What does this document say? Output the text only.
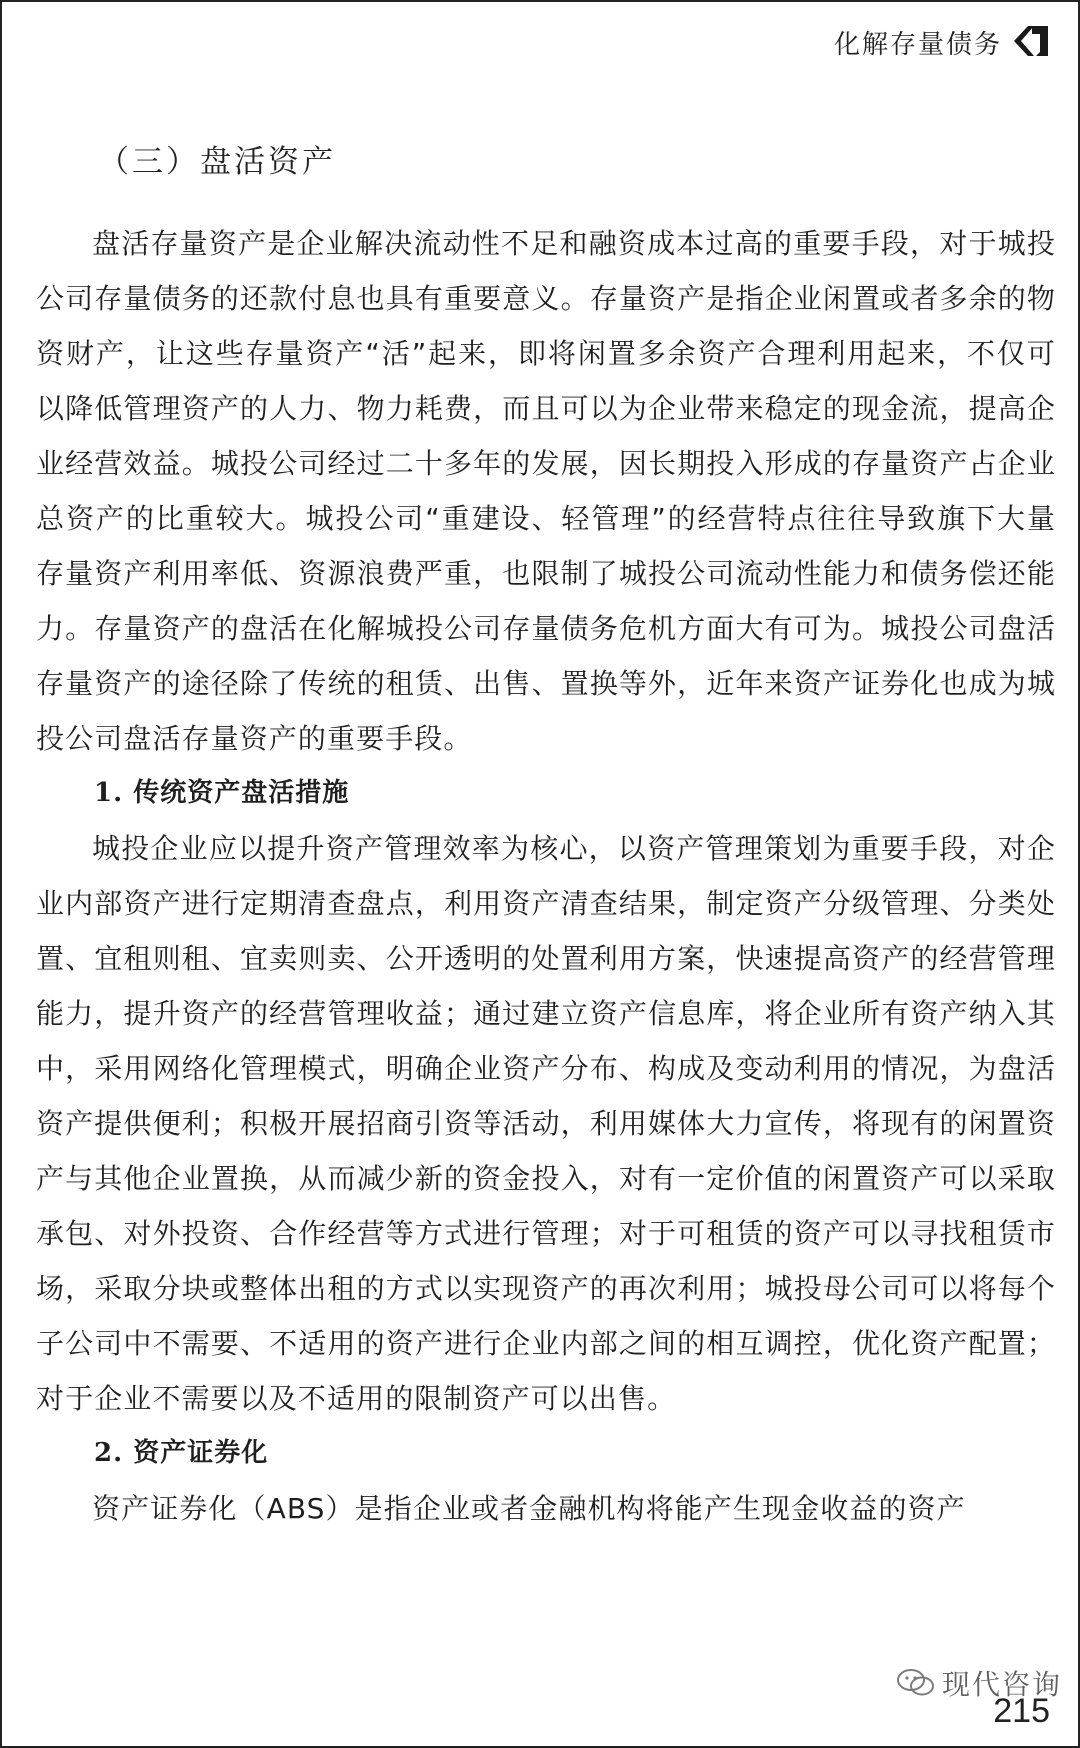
化解存量债务
（三）盘活资产

盘活存量资产是企业解决流动性不足和融资成本过高的重要手段，对于城投公司存量债务的还款付息也具有重要意义。存量资产是指企业闲置或者多余的物资财产，让这些存量资产“活”起来，即将闲置多余资产合理利用起来，不仅可以降低管理资产的人力、物力耗费，而且可以为企业带来稳定的现金流，提高企业经营效益。城投公司经过二十多年的发展，因长期投入形成的存量资产占企业总资产的比重较大。城投公司“重建设、轻管理”的经营特点往往导致旗下大量存量资产利用率低、资源浪费严重，也限制了城投公司流动性能力和债务偿还能力。存量资产的盘活在化解城投公司存量债务危机方面大有可为。城投公司盘活存量资产的途径除了传统的租赁、出售、置换等外，近年来资产证券化也成为城投公司盘活存量资产的重要手段。

1. 传统资产盘活措施

城投企业应以提升资产管理效率为核心，以资产管理策划为重要手段，对企业内部资产进行定期清查盘点，利用资产清查结果，制定资产分级管理、分类处置、宜租则租、宜卖则卖、公开透明的处置利用方案，快速提高资产的经营管理能力，提升资产的经营管理收益；通过建立资产信息库，将企业所有资产纳入其中，采用网络化管理模式，明确企业资产分布、构成及变动利用的情况，为盘活资产提供便利；积极开展招商引资等活动，利用媒体大力宣传，将现有的闲置资产与其他企业置换，从而减少新的资金投入，对有一定价值的闲置资产可以采取承包、对外投资、合作经营等方式进行管理；对于可租赁的资产可以寻找租赁市场，采取分块或整体出租的方式以实现资产的再次利用；城投母公司可以将每个子公司中不需要、不适用的资产进行企业内部之间的相互调控，优化资产配置；对于企业不需要以及不适用的限制资产可以出售。

2. 资产证券化

资产证券化（ABS）是指企业或者金融机构将能产生现金收益的资产

现代咨询
215
